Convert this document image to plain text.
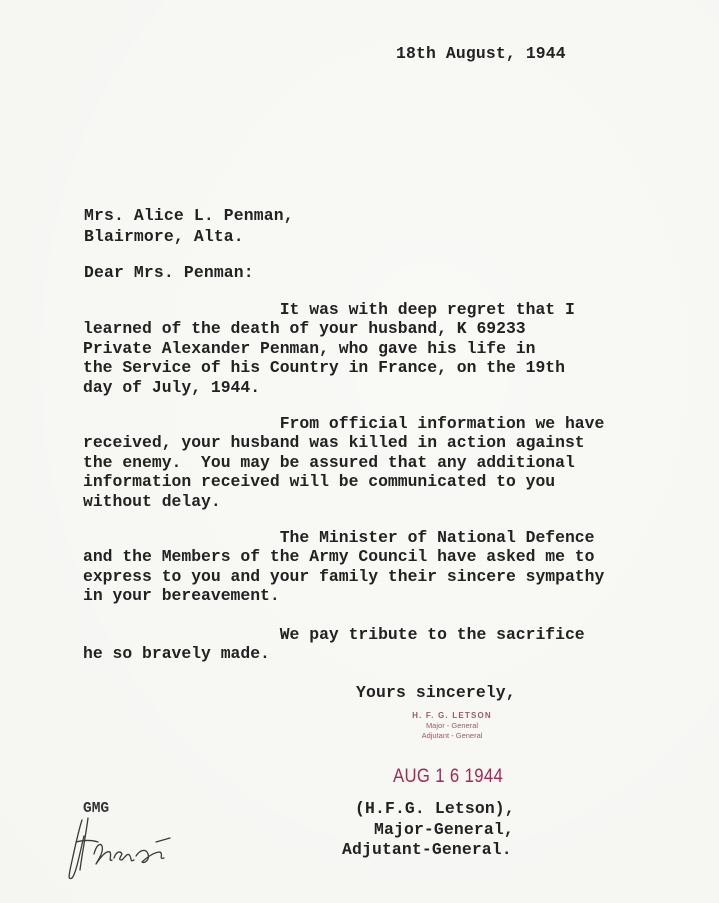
18th August, 1944
Mrs. Alice L. Penman,
Blairmore, Alta.
Dear Mrs. Penman:
It was with deep regret that I
learned of the death of your husband, K 69233
Private Alexander Penman, who gave his life in
the Service of his Country in France, on the 19th
day of July, 1944.
From official information we have
received, your husband was killed in action against
the enemy.  You may be assured that any additional
information received will be communicated to you
without delay.
The Minister of National Defence
and the Members of the Army Council have asked me to
express to you and your family their sincere sympathy
in your bereavement.
We pay tribute to the sacrifice
he so bravely made.
Yours sincerely,
H. F. G. LETSON
Major - General
Adjutant - General
AUG 1 6 1944
GMG	(H.F.G. Letson),
Major-General,
Adjutant-General.
